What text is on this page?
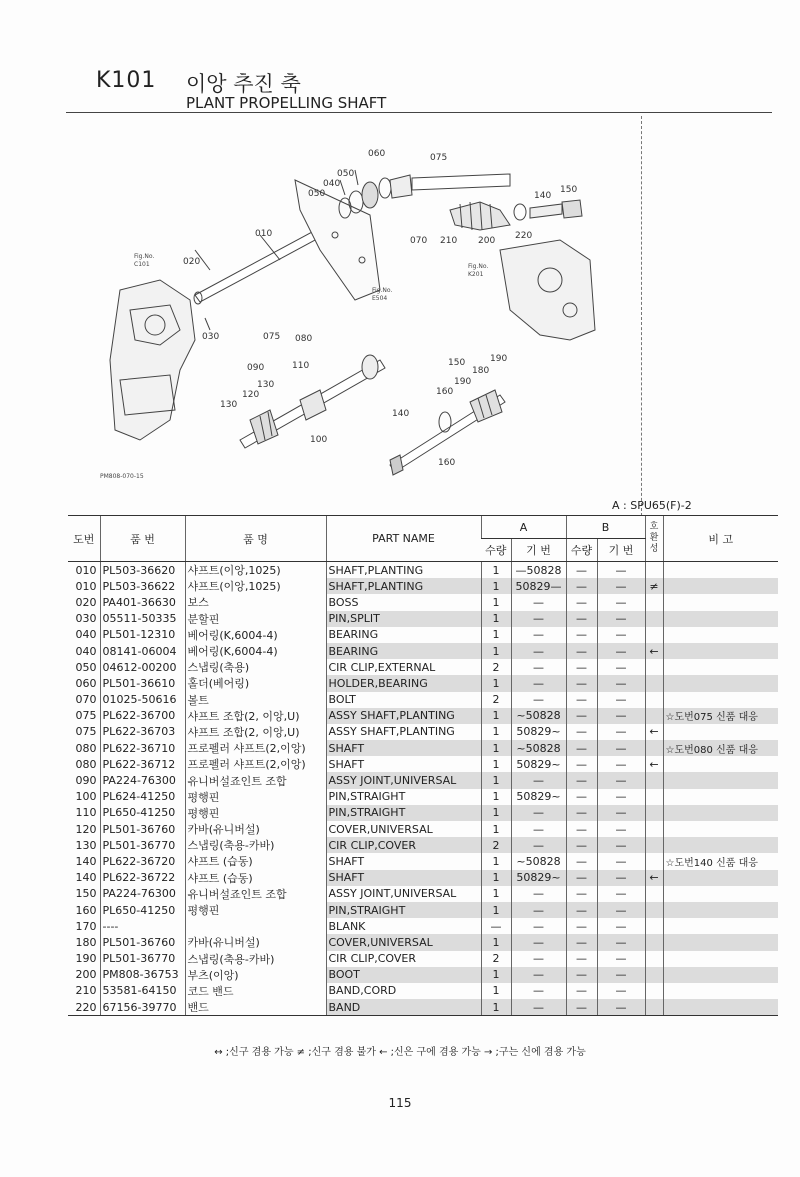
K101 이앙 추진 축
PLANT PROPELLING SHAFT
060	075
050
040
050	140
150
010
070 210 200 220
020
030	075 080
090	110
130
120
130
100
150	190
180
190
160
140
160
Fig.No.
C101
Fig.No.
E504
Fig.No.
K201
PM808-070-15
A : SPU65(F)-2
도번	품 번	품 명	PART NAME	A		B		호환성	비 고
				수량	기 번	수량	기 번		
010	PL503-36620	샤프트(이앙,1025)	SHAFT,PLANTING	1	—50828	—	—		
010	PL503-36622	샤프트(이앙,1025)	SHAFT,PLANTING	1	50829—	—	—	≠	
020	PA401-36630	보스	BOSS	1	—	—	—		
030	05511-50335	분할핀	PIN,SPLIT	1	—	—	—		
040	PL501-12310	베어링(K,6004-4)	BEARING	1	—	—	—		
040	08141-06004	베어링(K,6004-4)	BEARING	1	—	—	—	←	
050	04612-00200	스냅링(축용)	CIR CLIP,EXTERNAL	2	—	—	—		
060	PL501-36610	홀더(베어링)	HOLDER,BEARING	1	—	—	—		
070	01025-50616	볼트	BOLT	2	—	—	—		
075	PL622-36700	샤프트 조합(2, 이앙,U)	ASSY SHAFT,PLANTING	1	~50828	—	—		☆도번075 신품 대응
075	PL622-36703	샤프트 조합(2, 이앙,U)	ASSY SHAFT,PLANTING	1	50829~	—	—	←	
080	PL622-36710	프로펠러 샤프트(2,이앙)	SHAFT	1	~50828	—	—		☆도번080 신품 대응
080	PL622-36712	프로펠러 샤프트(2,이앙)	SHAFT	1	50829~	—	—	←	
090	PA224-76300	유니버설죠인트 조합	ASSY JOINT,UNIVERSAL	1	—	—	—		
100	PL624-41250	평행핀	PIN,STRAIGHT	1	50829~	—	—		
110	PL650-41250	평행핀	PIN,STRAIGHT	1	—	—	—		
120	PL501-36760	카바(유니버설)	COVER,UNIVERSAL	1	—	—	—		
130	PL501-36770	스냅링(축용-카바)	CIR CLIP,COVER	2	—	—	—		
140	PL622-36720	샤프트 (습동)	SHAFT	1	~50828	—	—		☆도번140 신품 대응
140	PL622-36722	샤프트 (습동)	SHAFT	1	50829~	—	—	←	
150	PA224-76300	유니버설죠인트 조합	ASSY JOINT,UNIVERSAL	1	—	—	—		
160	PL650-41250	평행핀	PIN,STRAIGHT	1	—	—	—		
170	----		BLANK	—	—	—	—		
180	PL501-36760	카바(유니버설)	COVER,UNIVERSAL	1	—	—	—		
190	PL501-36770	스냅링(축용-카바)	CIR CLIP,COVER	2	—	—	—		
200	PM808-36753	부츠(이앙)	BOOT	1	—	—	—		
210	53581-64150	코드 밴드	BAND,CORD	1	—	—	—		
220	67156-39770	밴드	BAND	1	—	—	—		
↔ ;신구 겸용 가능 ≠ ;신구 겸용 불가 ← ;신은 구에 겸용 가능 → ;구는 신에 겸용 가능
115
